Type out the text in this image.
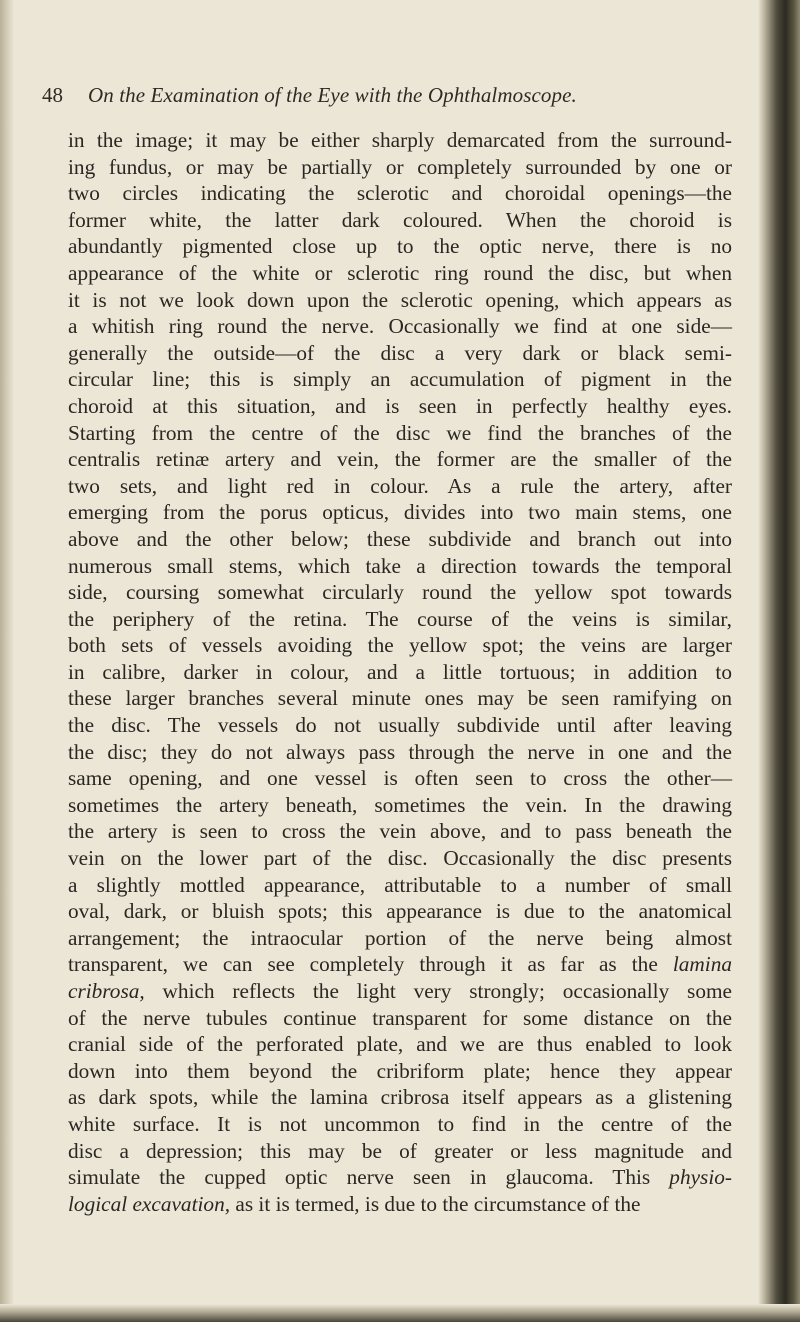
48 On the Examination of the Eye with the Ophthalmoscope.
in the image; it may be either sharply demarcated from the surround-
ing fundus, or may be partially or completely surrounded by one or
two circles indicating the sclerotic and choroidal openings—the
former white, the latter dark coloured. When the choroid is
abundantly pigmented close up to the optic nerve, there is no
appearance of the white or sclerotic ring round the disc, but when
it is not we look down upon the sclerotic opening, which appears as
a whitish ring round the nerve. Occasionally we find at one side—
generally the outside—of the disc a very dark or black semi-
circular line; this is simply an accumulation of pigment in the
choroid at this situation, and is seen in perfectly healthy eyes.
Starting from the centre of the disc we find the branches of the
centralis retinæ artery and vein, the former are the smaller of the
two sets, and light red in colour. As a rule the artery, after
emerging from the porus opticus, divides into two main stems, one
above and the other below; these subdivide and branch out into
numerous small stems, which take a direction towards the temporal
side, coursing somewhat circularly round the yellow spot towards
the periphery of the retina. The course of the veins is similar,
both sets of vessels avoiding the yellow spot; the veins are larger
in calibre, darker in colour, and a little tortuous; in addition to
these larger branches several minute ones may be seen ramifying on
the disc. The vessels do not usually subdivide until after leaving
the disc; they do not always pass through the nerve in one and the
same opening, and one vessel is often seen to cross the other—
sometimes the artery beneath, sometimes the vein. In the drawing
the artery is seen to cross the vein above, and to pass beneath the
vein on the lower part of the disc. Occasionally the disc presents
a slightly mottled appearance, attributable to a number of small
oval, dark, or bluish spots; this appearance is due to the anatomical
arrangement; the intraocular portion of the nerve being almost
transparent, we can see completely through it as far as the lamina
cribrosa, which reflects the light very strongly; occasionally some
of the nerve tubules continue transparent for some distance on the
cranial side of the perforated plate, and we are thus enabled to look
down into them beyond the cribriform plate; hence they appear
as dark spots, while the lamina cribrosa itself appears as a glistening
white surface. It is not uncommon to find in the centre of the
disc a depression; this may be of greater or less magnitude and
simulate the cupped optic nerve seen in glaucoma. This physio-
logical excavation, as it is termed, is due to the circumstance of the
